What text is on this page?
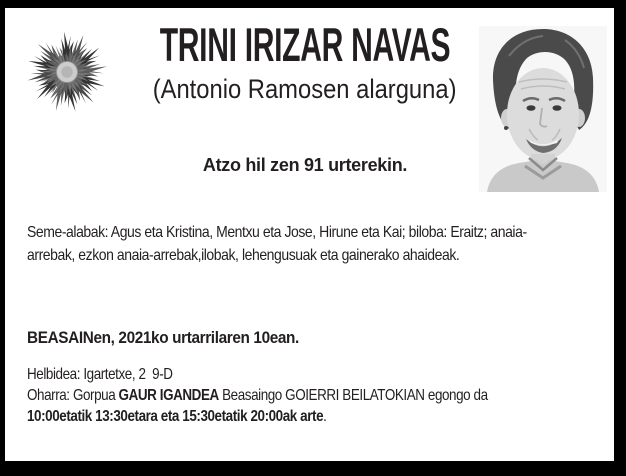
TRINI IRIZAR NAVAS
(Antonio Ramosen alarguna)
Atzo hil zen 91 urterekin.
Seme-alabak: Agus eta Kristina, Mentxu eta Jose, Hirune eta Kai; biloba: Eraitz; anaia-arrebak, ezkon anaia-arrebak,ilobak, lehengusuak eta gainerako ahaideak.
BEASAINen, 2021ko urtarrilaren 10ean.

Helbidea: Igartetxe, 2  9-D

Oharra: Gorpua GAUR IGANDEA Beasaingo GOIERRI BEILATOKIAN egongo da 10:00etatik 13:30etara eta 15:30etatik 20:00ak arte.
